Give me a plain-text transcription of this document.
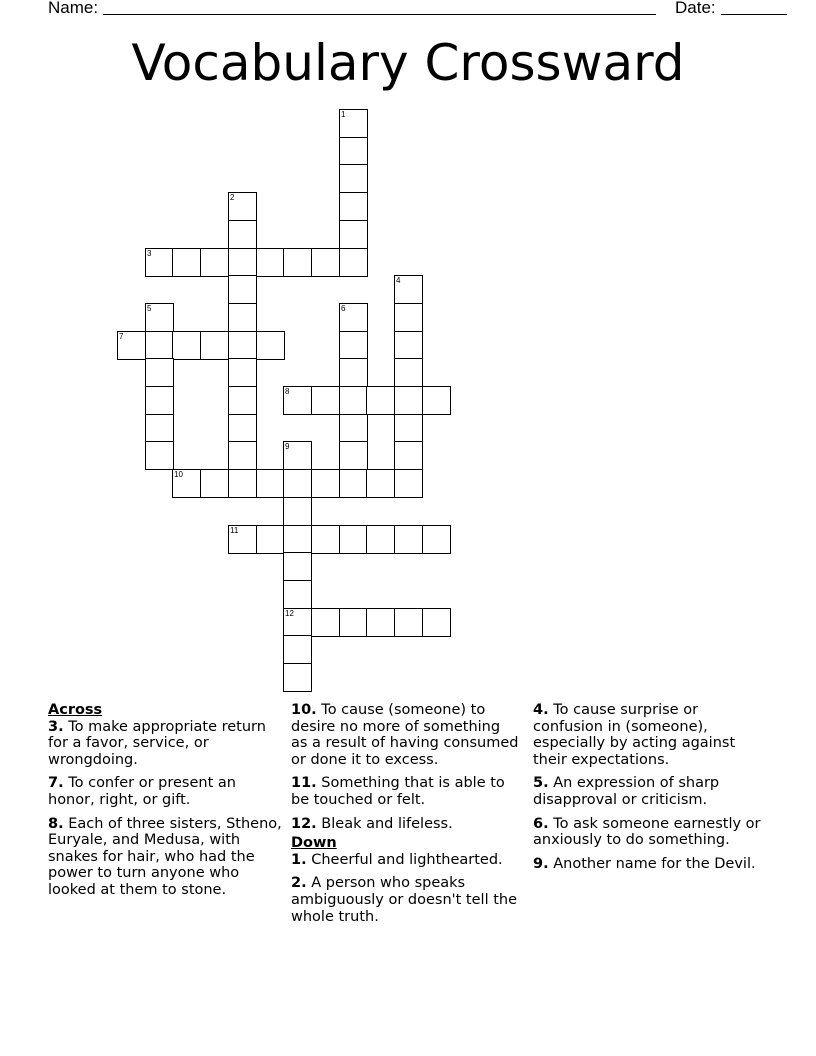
Name:	Date:
Vocabulary Crossward
1
2
3
4
5	6
7
8
9
10
11
12
Across
3. To make appropriate return for a favor, service, or wrongdoing.
7. To confer or present an honor, right, or gift.
8. Each of three sisters, Stheno, Euryale, and Medusa, with snakes for hair, who had the power to turn anyone who looked at them to stone.
10. To cause (someone) to desire no more of something as a result of having consumed or done it to excess.
11. Something that is able to be touched or felt.
12. Bleak and lifeless.
Down
1. Cheerful and lighthearted.
2. A person who speaks ambiguously or doesn't tell the whole truth.
4. To cause surprise or confusion in (someone), especially by acting against their expectations.
5. An expression of sharp disapproval or criticism.
6. To ask someone earnestly or anxiously to do something.
9. Another name for the Devil.
